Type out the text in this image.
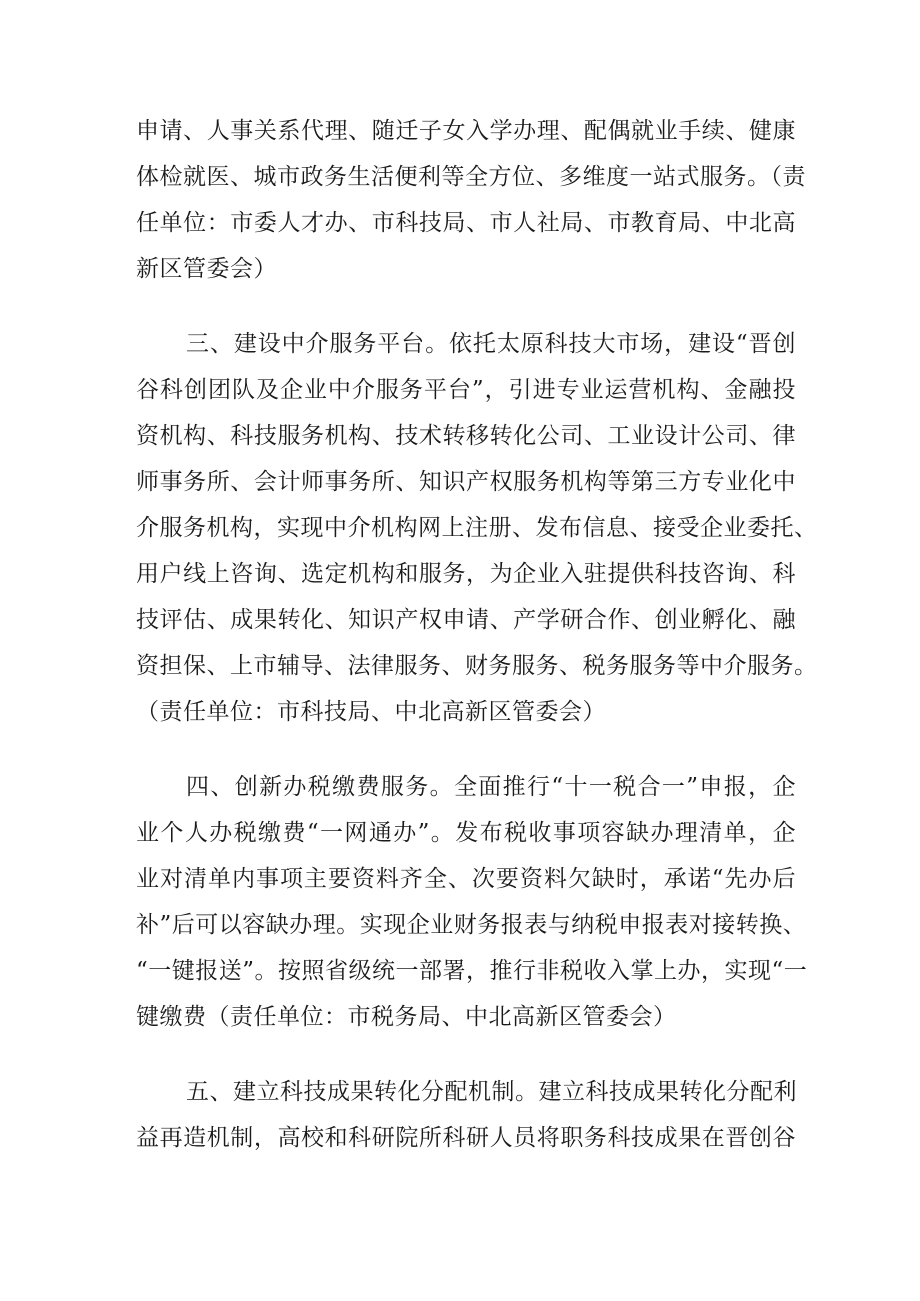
申请、人事关系代理、随迁子女入学办理、配偶就业手续、健康
体检就医、城市政务生活便利等全方位、多维度一站式服务。（责
任单位：市委人才办、市科技局、市人社局、市教育局、中北高
新区管委会）
三、建设中介服务平台。依托太原科技大市场，建设“晋创
谷科创团队及企业中介服务平台”，引进专业运营机构、金融投
资机构、科技服务机构、技术转移转化公司、工业设计公司、律
师事务所、会计师事务所、知识产权服务机构等第三方专业化中
介服务机构，实现中介机构网上注册、发布信息、接受企业委托、
用户线上咨询、选定机构和服务，为企业入驻提供科技咨询、科
技评估、成果转化、知识产权申请、产学研合作、创业孵化、融
资担保、上市辅导、法律服务、财务服务、税务服务等中介服务。
（责任单位：市科技局、中北高新区管委会）
四、创新办税缴费服务。全面推行“十一税合一”申报，企
业个人办税缴费“一网通办”。发布税收事项容缺办理清单，企
业对清单内事项主要资料齐全、次要资料欠缺时，承诺“先办后
补”后可以容缺办理。实现企业财务报表与纳税申报表对接转换、
“一键报送”。按照省级统一部署，推行非税收入掌上办，实现“一
键缴费（责任单位：市税务局、中北高新区管委会）
五、建立科技成果转化分配机制。建立科技成果转化分配利
益再造机制，高校和科研院所科研人员将职务科技成果在晋创谷
